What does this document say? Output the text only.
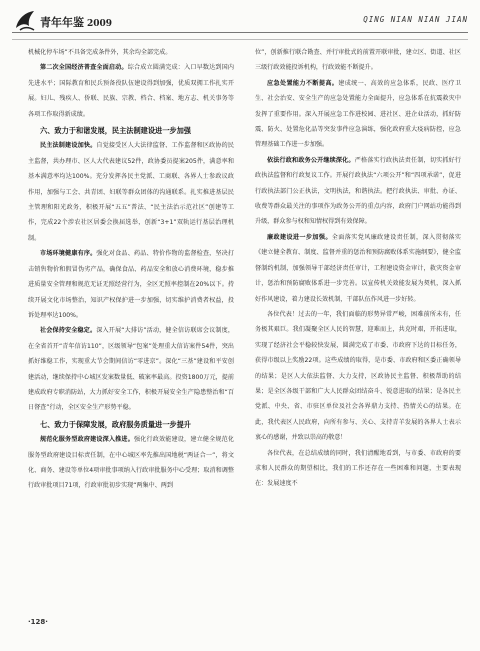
青年年鉴 2009	QING NIAN NIAN JIAN

机械化停车场”不具备完成条件外，其余均全部完成。

第二次全国经济普查全面启动。综合成立圆满完成：入口早数达到国内先进水平；国际教育和民兵预备役队伍建设得到加强，优质双拥工作扎实开展。妇儿、残疾人、侨联、民族、宗教、档合、档案、地方志、机关事务等各项工作取得新成绩。

六、致力于和谐发展，民主法制建设进一步加强

民主法制建设加快。自觉接受区人大法律监督、工作监督和区政协的民主监督，共办理市、区人大代表建议52件，政协委员提案205件，满意率和基本满意率均达100%。充分发挥各民主党派、工商联、各界人士参政议政作用，加强与工会、共青团、妇联等群众团体的沟通联系。扎实推进基层民主管理和阳光政务，积极开展“五五”普法、“民主法治示范社区”创建等工作，完成22个涉农社区居委会换届选举，创新“3+1”双轨运行基层治理机制。

市场环境健康有序。强化对食品、药品、特价作物的监督检查，坚决打击销售物价和假冒伪劣产品，确保食品、药品安全和放心消费环境，稳步推进质量安全管理和规范无证无照经营行为，全区无照率控制在20%以下。持续开展文化市场整治，知识产权保护进一步加强，切实维护消费者权益，投诉处理率达100%。

社会保持安全稳定。深入开展“大排访”活动，健全信访联席会议制度，在全省首开“青年信访110”，区级领导“包案”处理重大信访案件54件，突出抓好维稳工作，实现重大节会期间信访“零进京”。深化“三基”建设和平安创建活动，继续保持中心城区发案数量低、破案率最高。投资1800万元，提前建成政府专职消防站，大力抓好安全工作，积极开展安全生产隐患整治和“百日督查”行动，全区安全生产形势平稳。

七、致力于保障发展，政府服务质量进一步提升

规范化服务型政府建设深入推进。强化行政效能建设，建立健全规范化服务型政府建设目标责任制，在中心城区率先推出国地税“两证合一”，将文化、商务、建设等单位4项审批事项纳入行政审批服务中心受理；取消和调整行政审批项目71项，行政审批初步实现“两集中、两到

位”，创新推行联合勘查、并行审批式的前置开联审批，建立区、街道、社区三级行政效能投诉机构，行政效能不断提升。

应急处置能力不断提高。建成统一、高效的应急体系，民政、医疗卫生、社会治安、安全生产的应急处置能力全面提升，应急体系在抗震救灾中发挥了重要作用。深入开展应急工作进校园、进社区、进企业活动，抓好防震、防火、处置危化品等突发事件应急演练，强化政府重大疫病防控，应急管理基础工作进一步加强。

依法行政和政务公开继续深化。严格落实行政执法责任制，切实抓好行政执法监督和行政复议工作。开展行政执法“六项公开”和“四项承诺”，促进行政执法部门公正执法，文明执法，和谐执法。把行政执法、审批、办证、收费等群众最关注的事项作为政务公开的重点内容，政府门户网站功能得到升级，群众参与权和知情权得到有效保障。

廉政建设进一步加强。全面落实党风廉政建设责任制，深入贯彻落实《建立健全教育、制度、监督并重的惩治和预防腐败体系实施纲要》，健全监督制约机制，加强领导干部经济责任审计，工程建设资金审计，救灾资金审计，惩治和预防腐败体系进一步完善。以宣传机关效能发展为契机，深入抓好作风建设，着力建设长效机制，干部队伍作风进一步好转。

各位代表！过去的一年，我们面临的形势异常严峻，困难前所未有，任务极其艰巨。我们凝聚全区人民的智慧，迎难而上，共克时艰，开拓进取，实现了经济社会平稳较快发展，圆满完成了市委、市政府下达的目标任务，获得市级以上奖励22项。这些成绩的取得，是市委、市政府和区委正确领导的结果；是区人大依法监督、大力支持，区政协民主监督、积极帮助的结果；是全区各级干部和广大人民群众团结奋斗、锐意进取的结果；是各民主党派、中央、省、市驻区单位及社会各界鼎力支持、热情关心的结果。在此，我代表区人民政府，向所有参与、关心、支持青羊发展的各界人士表示衷心的感谢，并致以崇高的敬意！

各位代表，在总结成绩的同时，我们清醒地看到，与市委、市政府的要求和人民群众的期望相比，我们的工作还存在一些困难和问题，主要表现在：发展速度不

·128·
